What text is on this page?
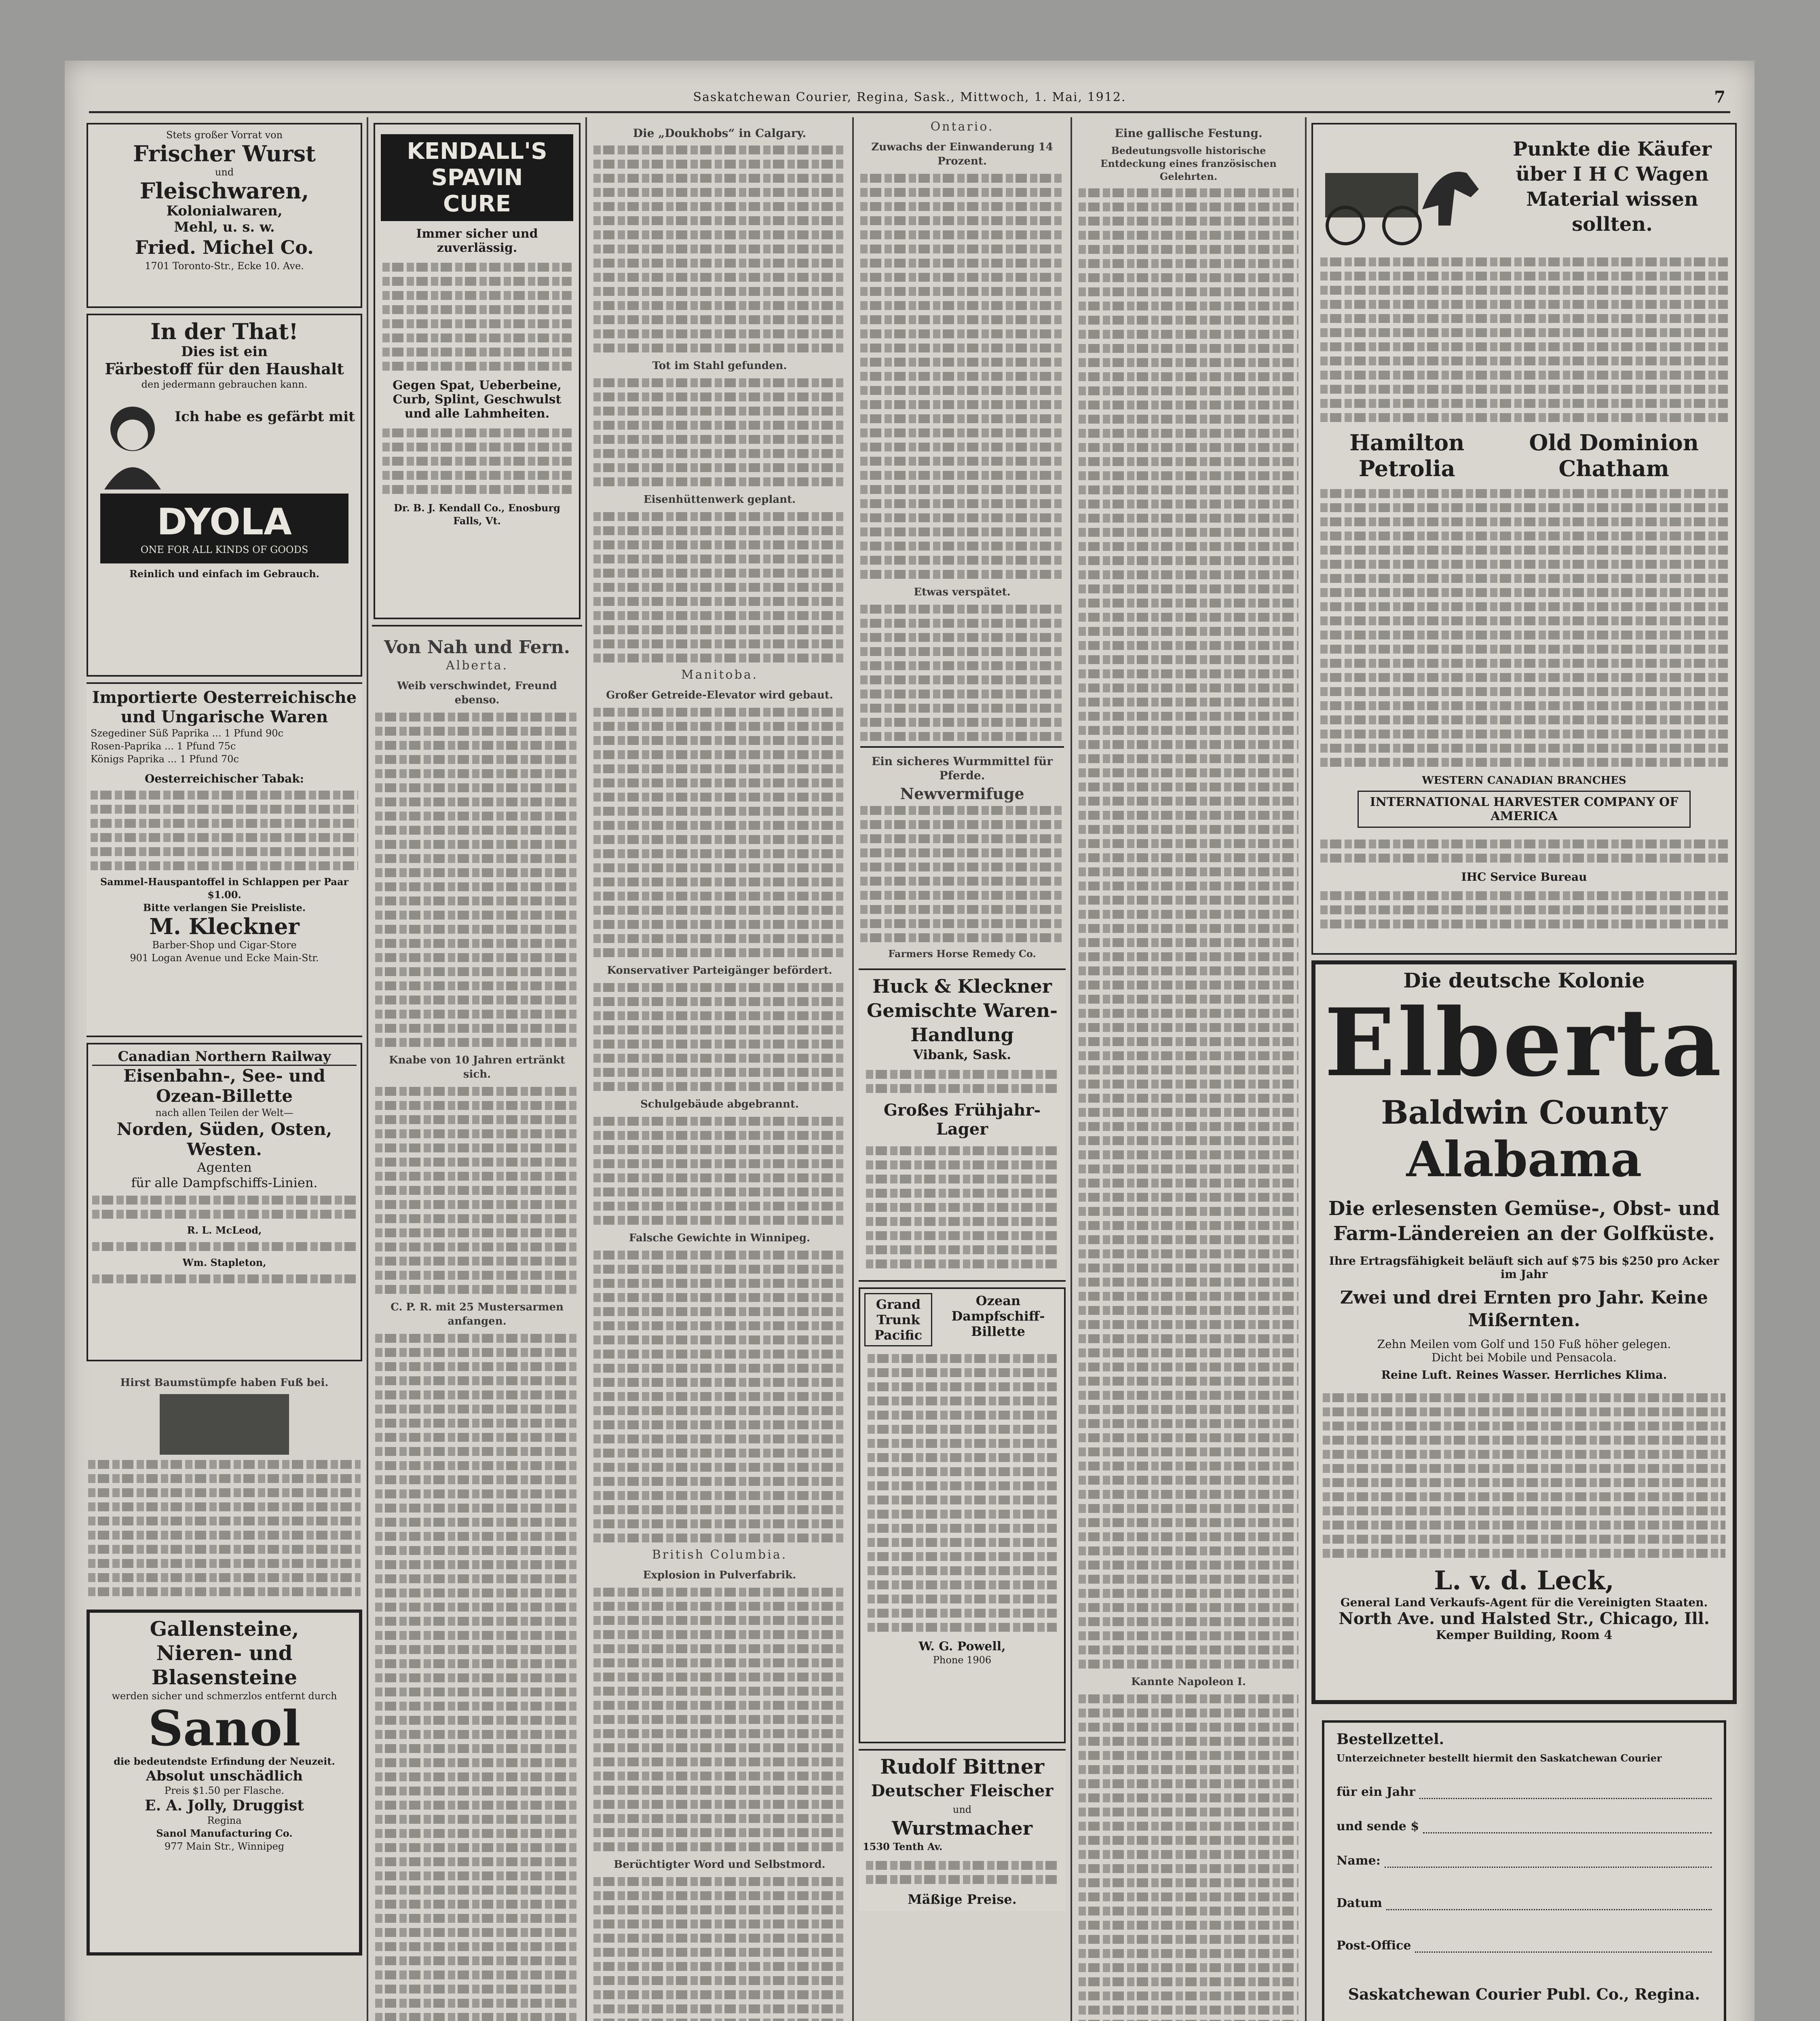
Saskatchewan Courier, Regina, Sask., Mittwoch, 1. Mai, 1912.	7
Stets großer Vorrat von
Frischer Wurst
und
Fleischwaren,
Kolonialwaren,
Mehl, u. s. w.
Fried. Michel Co.
1701 Toronto-Str., Ecke 10. Ave.
In der That!
Dies ist ein
Färbestoff für den Haushalt
den jedermann gebrauchen kann.
Ich habe es gefärbt mit
DYOLA
ONE FOR ALL KINDS OF GOODS
Reinlich und einfach im Gebrauch.
Importierte Oesterreichische und Ungarische Waren
Szegediner Süß Paprika ... 1 Pfund 90c
Rosen-Paprika ... 1 Pfund 75c
Königs Paprika ... 1 Pfund 70c
Oesterreichischer Tabak:
Sammel-Hauspantoffel in Schlappen per Paar $1.00.
Bitte verlangen Sie Preisliste.
M. Kleckner
Barber-Shop und Cigar-Store
901 Logan Avenue und Ecke Main-Str.
Canadian Northern Railway
Eisenbahn-, See- und Ozean-Billette
nach allen Teilen der Welt—
Norden, Süden, Osten, Westen.
Agenten
für alle Dampfschiffs-Linien.
R. L. McLeod,
Wm. Stapleton,
Hirst Baumstümpfe haben Fuß bei.
Gallensteine,
Nieren- und
Blasensteine
werden sicher und schmerzlos entfernt durch
Sanol
die bedeutendste Erfindung der Neuzeit.
Absolut unschädlich
Preis $1.50 per Flasche.
E. A. Jolly, Druggist
Regina
Sanol Manufacturing Co.
977 Main Str., Winnipeg
KENDALL'S
SPAVIN
CURE
Immer sicher und zuverlässig.
Gegen Spat, Ueberbeine, Curb, Splint, Geschwulst und alle Lahmheiten.
Dr. B. J. Kendall Co., Enosburg Falls, Vt.
Von Nah und Fern.
Alberta.
Weib verschwindet, Freund ebenso.
Knabe von 10 Jahren ertränkt sich.
C. P. R. mit 25 Mustersarmen anfangen.
Die „Doukhobs“ in Calgary.
Tot im Stahl gefunden.
Eisenhüttenwerk geplant.
Manitoba.
Großer Getreide-Elevator wird gebaut.
Konservativer Parteigänger befördert.
Schulgebäude abgebrannt.
Falsche Gewichte in Winnipeg.
British Columbia.
Explosion in Pulverfabrik.
Berüchtigter Word und Selbstmord.
Ontario.
Zuwachs der Einwanderung 14 Prozent.
Etwas verspätet.
Ein sicheres Wurmmittel für Pferde.
Newvermifuge
Farmers Horse Remedy Co.
Huck & Kleckner
Gemischte Waren-Handlung
Vibank, Sask.
Großes Frühjahr-Lager
Grand Trunk Pacific
Ozean Dampfschiff-Billette
W. G. Powell,
Phone 1906
Rudolf Bittner
Deutscher Fleischer
und
Wurstmacher
1530 Tenth Av.
Mäßige Preise.
Eine gallische Festung.
Bedeutungsvolle historische Entdeckung eines französischen Gelehrten.
Kannte Napoleon I.
Punkte die Käufer über I H C Wagen Material wissen sollten.
Hamilton
Petrolia
Old Dominion
Chatham
WESTERN CANADIAN BRANCHES
INTERNATIONAL HARVESTER COMPANY OF AMERICA
IHC Service Bureau
Die deutsche Kolonie
Elberta
Baldwin County
Alabama
Die erlesensten Gemüse-, Obst- und Farm-Ländereien an der Golfküste.
Ihre Ertragsfähigkeit beläuft sich auf $75 bis $250 pro Acker im Jahr
Zwei und drei Ernten pro Jahr. Keine Mißernten.
Zehn Meilen vom Golf und 150 Fuß höher gelegen.
Dicht bei Mobile und Pensacola.
Reine Luft. Reines Wasser. Herrliches Klima.
L. v. d. Leck,
General Land Verkaufs-Agent für die Vereinigten Staaten.
North Ave. und Halsted Str., Chicago, Ill.
Kemper Building, Room 4
Bestellzettel.
Unterzeichneter bestellt hiermit den Saskatchewan Courier
für ein Jahr
und sende $
Name:
Datum
Post-Office
Saskatchewan Courier Publ. Co., Regina.
